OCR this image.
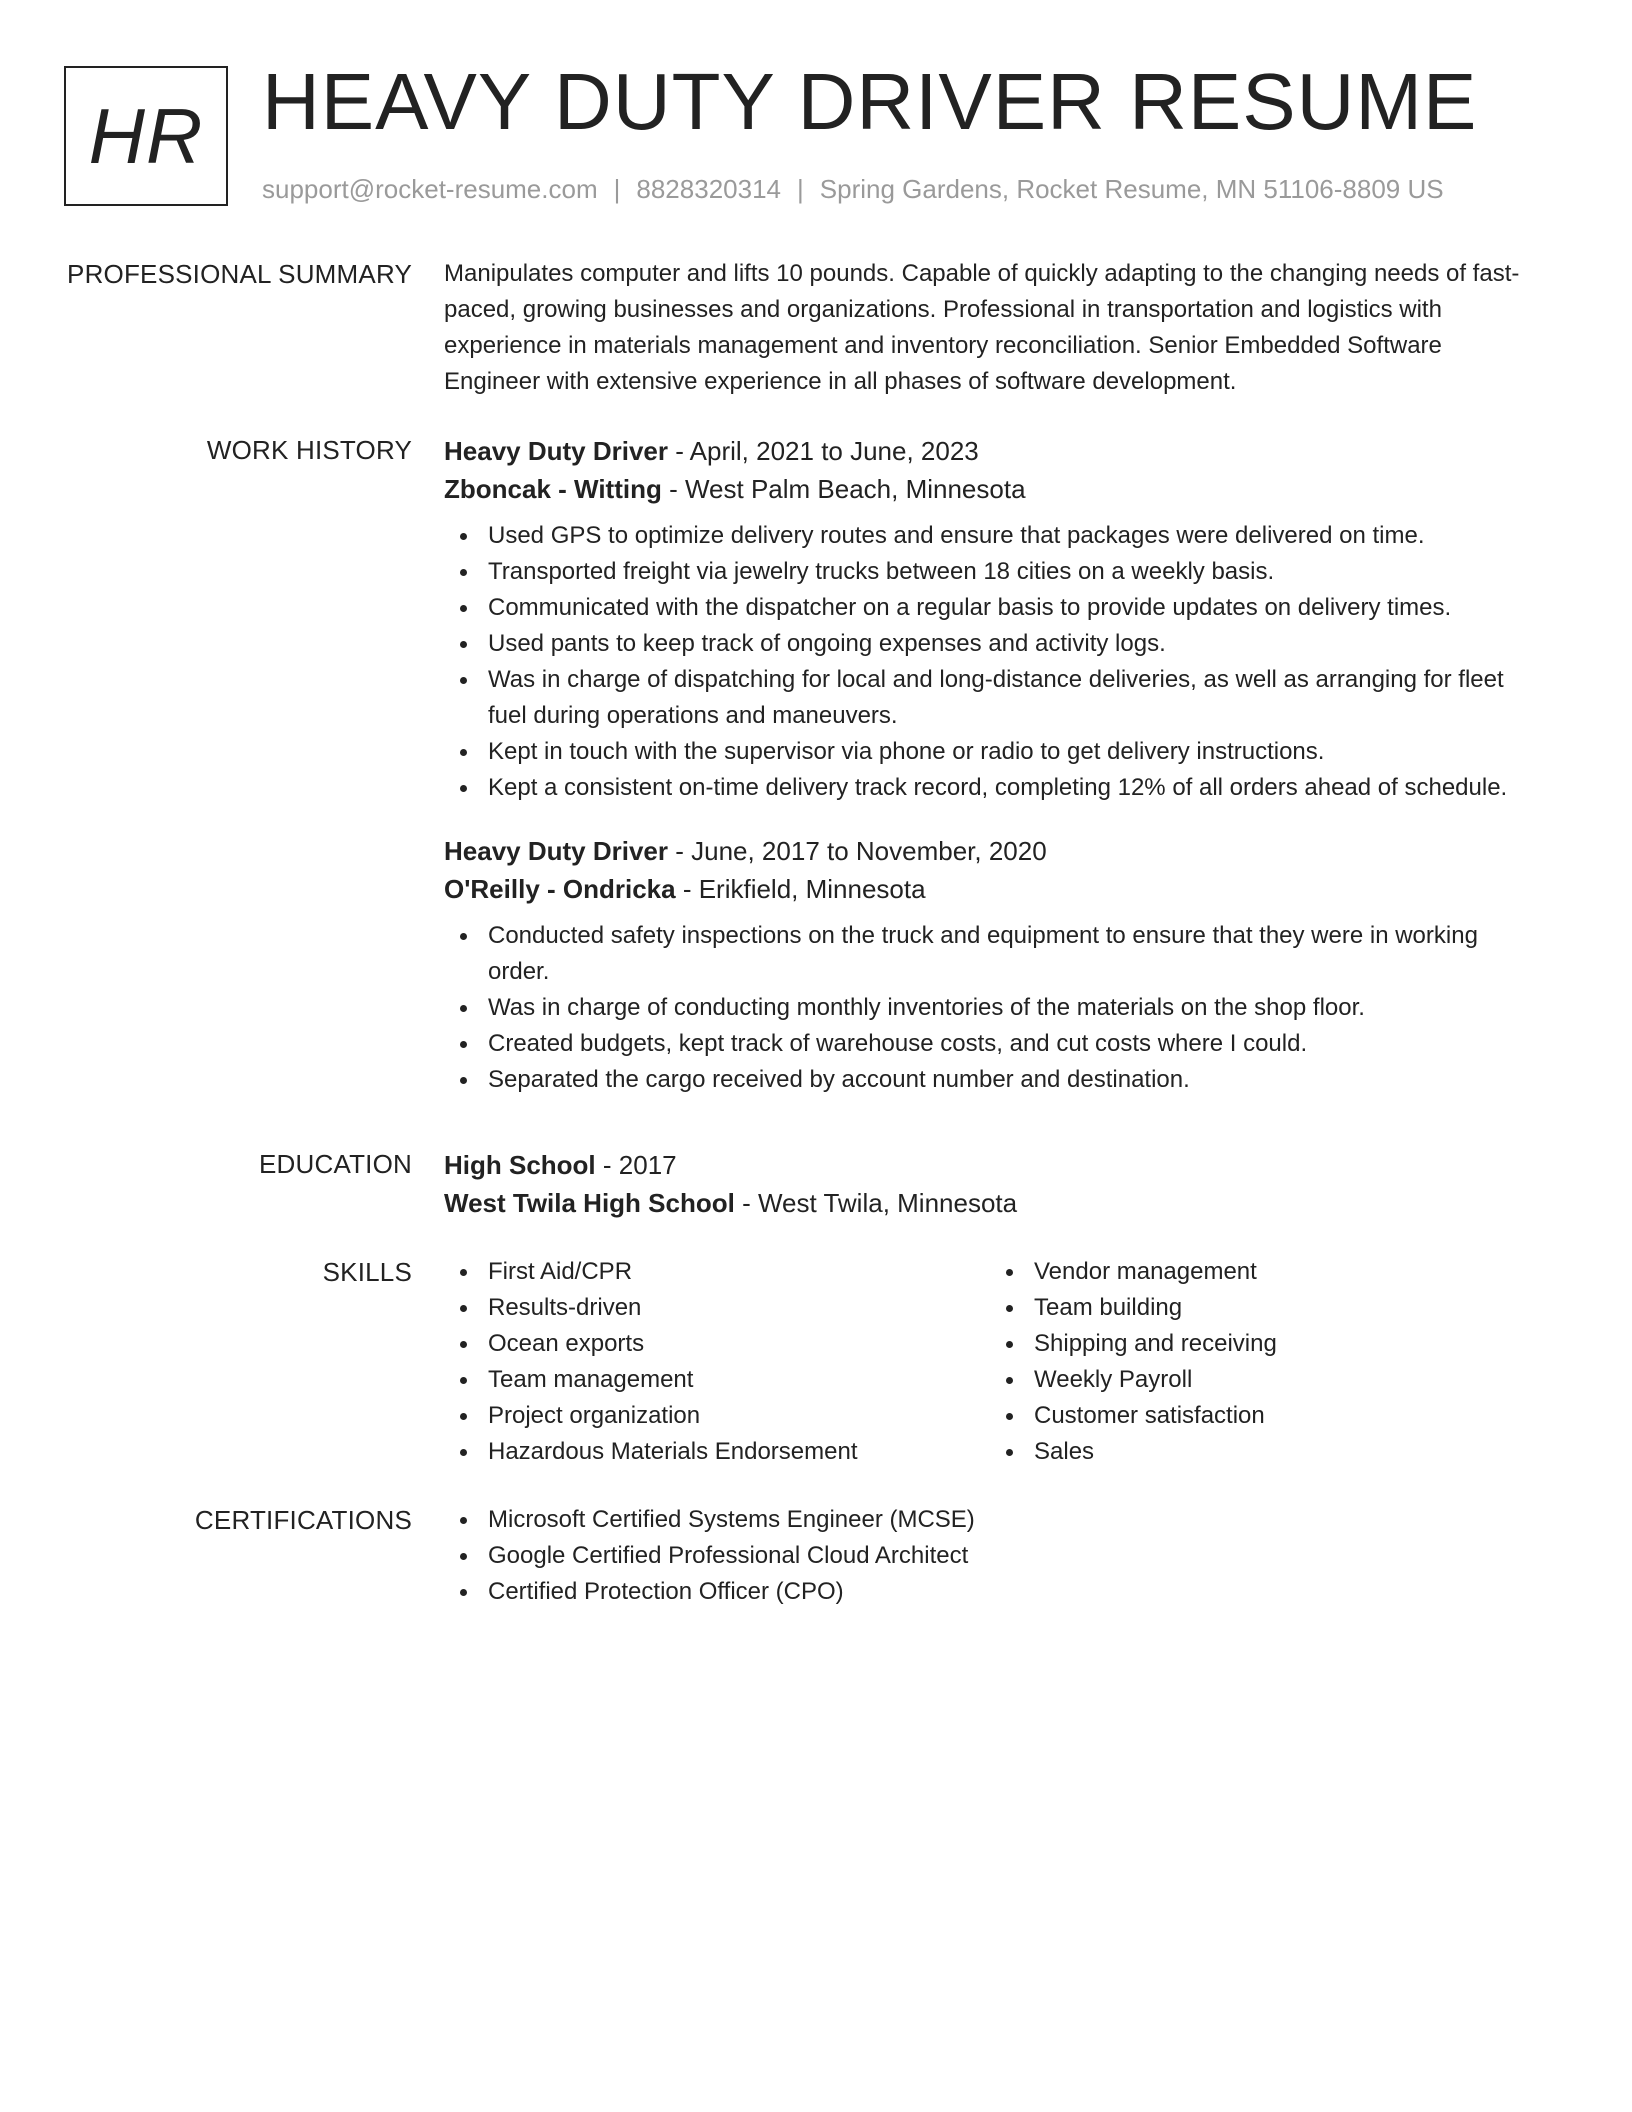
HR HEAVY DUTY DRIVER RESUME
support@rocket-resume.com | 8828320314 | Spring Gardens, Rocket Resume, MN 51106-8809 US
PROFESSIONAL SUMMARY Manipulates computer and lifts 10 pounds. Capable of quickly adapting to the changing needs of fast-paced, growing businesses and organizations. Professional in transportation and logistics with experience in materials management and inventory reconciliation. Senior Embedded Software Engineer with extensive experience in all phases of software development.

WORK HISTORY Heavy Duty Driver - April, 2021 to June, 2023
Zboncak - Witting - West Palm Beach, Minnesota
Used GPS to optimize delivery routes and ensure that packages were delivered on time.
Transported freight via jewelry trucks between 18 cities on a weekly basis.
Communicated with the dispatcher on a regular basis to provide updates on delivery times.
Used pants to keep track of ongoing expenses and activity logs.
Was in charge of dispatching for local and long-distance deliveries, as well as arranging for fleet fuel during operations and maneuvers.
Kept in touch with the supervisor via phone or radio to get delivery instructions.
Kept a consistent on-time delivery track record, completing 12% of all orders ahead of schedule.
Heavy Duty Driver - June, 2017 to November, 2020
O'Reilly - Ondricka - Erikfield, Minnesota
Conducted safety inspections on the truck and equipment to ensure that they were in working order.
Was in charge of conducting monthly inventories of the materials on the shop floor.
Created budgets, kept track of warehouse costs, and cut costs where I could.
Separated the cargo received by account number and destination.
EDUCATION High School - 2017
West Twila High School - West Twila, Minnesota
SKILLS	First Aid/CPR
Results-driven
Ocean exports
Team management
Project organization
Hazardous Materials Endorsement
Vendor management
Team building
Shipping and receiving
Weekly Payroll
Customer satisfaction
Sales
CERTIFICATIONS	Microsoft Certified Systems Engineer (MCSE)
Google Certified Professional Cloud Architect
Certified Protection Officer (CPO)
